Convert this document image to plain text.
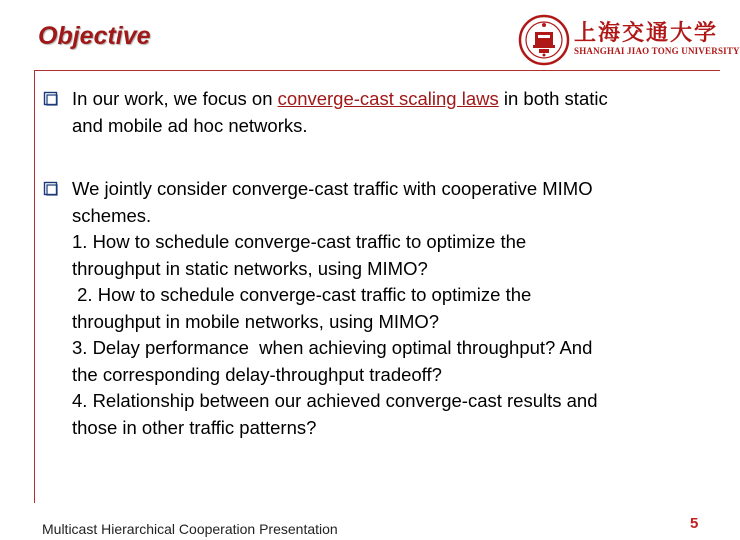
Objective	上海交通大学
SHANGHAI JIAO TONG UNIVERSITY
In our work, we focus on converge-cast scaling laws in both static
and mobile ad hoc networks.
We jointly consider converge-cast traffic with cooperative MIMO
schemes.
1. How to schedule converge-cast traffic to optimize the
throughput in static networks, using MIMO?
2. How to schedule converge-cast traffic to optimize the
throughput in mobile networks, using MIMO?
3. Delay performance  when achieving optimal throughput? And
the corresponding delay-throughput tradeoff?
4. Relationship between our achieved converge-cast results and
those in other traffic patterns?
Multicast Hierarchical Cooperation Presentation	5
